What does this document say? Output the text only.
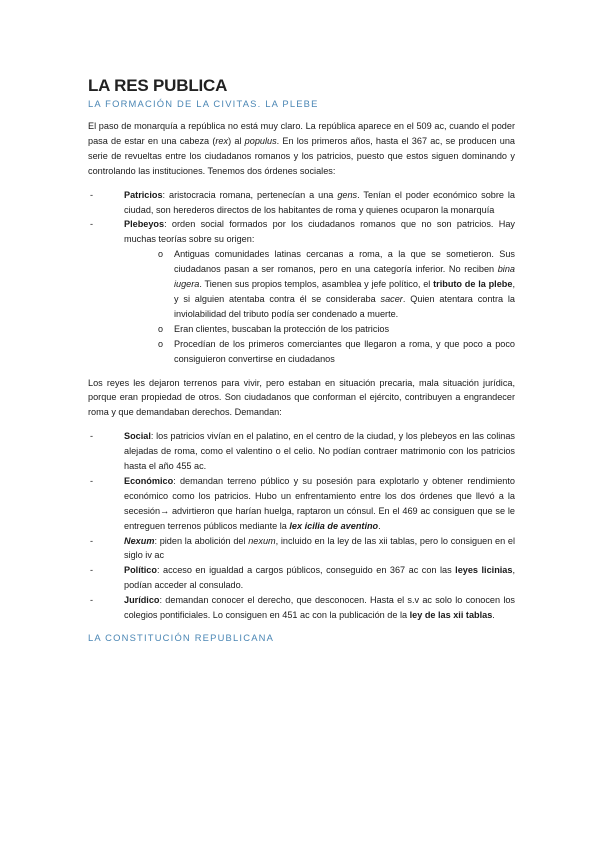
LA RES PUBLICA
LA FORMACIÓN DE LA CIVITAS. LA PLEBE

El paso de monarquía a república no está muy claro. La república aparece en el 509 ac, cuando el poder pasa de estar en una cabeza (rex) al populus. En los primeros años, hasta el 367 ac, se producen una serie de revueltas entre los ciudadanos romanos y los patricios, puesto que estos siguen dominando y controlando las instituciones. Tenemos dos órdenes sociales:

-	Patricios: aristocracia romana, pertenecían a una gens. Tenían el poder económico sobre la ciudad, son herederos directos de los habitantes de roma y quienes ocuparon la monarquía
-	Plebeyos: orden social formados por los ciudadanos romanos que no son patricios. Hay muchas teorías sobre su origen:
o Antiguas comunidades latinas cercanas a roma, a la que se sometieron. Sus ciudadanos pasan a ser romanos, pero en una categoría inferior. No reciben bina iugera. Tienen sus propios templos, asamblea y jefe político, el tributo de la plebe, y si alguien atentaba contra él se consideraba sacer. Quien atentara contra la inviolabilidad del tributo podía ser condenado a muerte.
o Eran clientes, buscaban la protección de los patricios
o Procedían de los primeros comerciantes que llegaron a roma, y que poco a poco consiguieron convertirse en ciudadanos

Los reyes les dejaron terrenos para vivir, pero estaban en situación precaria, mala situación jurídica, porque eran propiedad de otros. Son ciudadanos que conforman el ejército, contribuyen a engrandecer roma y que demandaban derechos. Demandan:

-	Social: los patricios vivían en el palatino, en el centro de la ciudad, y los plebeyos en las colinas alejadas de roma, como el valentino o el celio. No podían contraer matrimonio con los patricios hasta el año 455 ac.
-	Económico: demandan terreno público y su posesión para explotarlo y obtener rendimiento económico como los patricios. Hubo un enfrentamiento entre los dos órdenes que llevó a la secesión→ advirtieron que harían huelga, raptaron un cónsul. En el 469 ac consiguen que se le entreguen terrenos públicos mediante la lex icilia de aventino.
-	Nexum: piden la abolición del nexum, incluido en la ley de las xii tablas, pero lo consiguen en el siglo iv ac
-	Político: acceso en igualdad a cargos públicos, conseguido en 367 ac con las leyes licinias, podían acceder al consulado.
-	Jurídico: demandan conocer el derecho, que desconocen. Hasta el s.v ac solo lo conocen los colegios pontificiales. Lo consiguen en 451 ac con la publicación de la ley de las xii tablas.
LA CONSTITUCIÓN REPUBLICANA
